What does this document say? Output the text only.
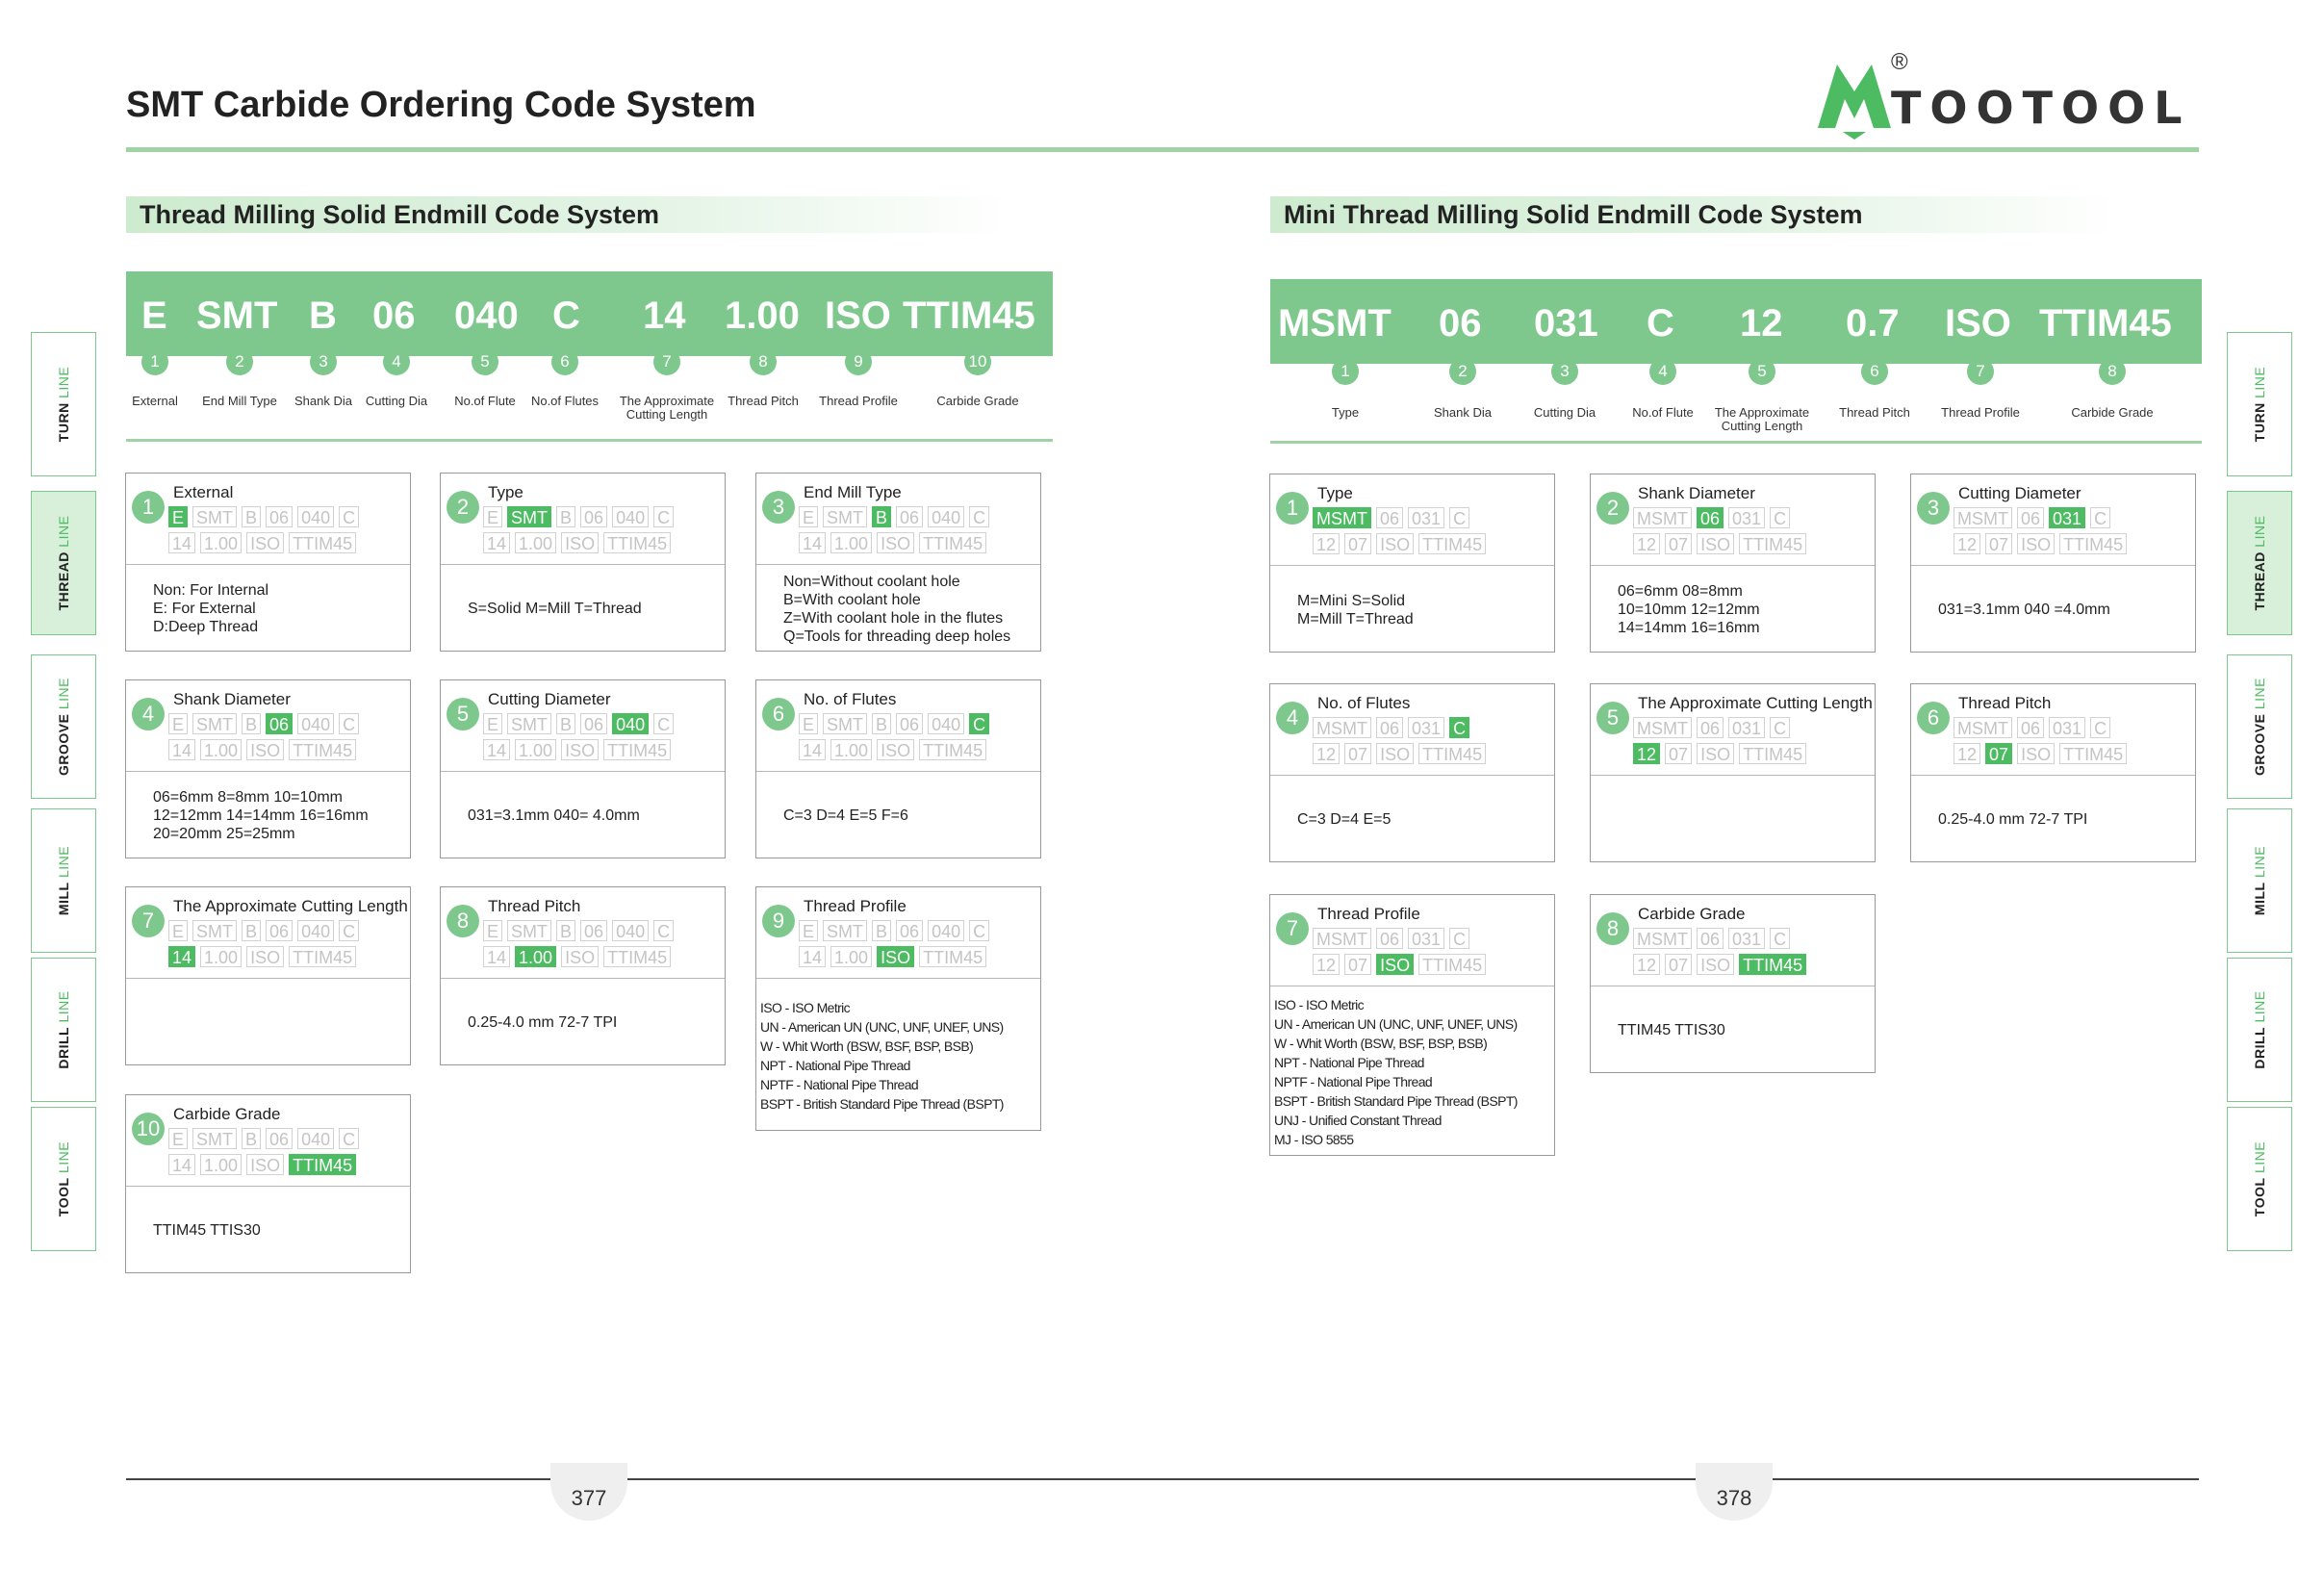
SMT Carbide Ordering Code System
®
TOOTOOL
Thread Milling Solid Endmill Code System	Mini Thread Milling Solid Endmill Code System
E SMT B 06 040 C 14 1.00 ISO TTIM45
1
External
2
End Mill Type
3
Shank Dia
4
Cutting Dia
5
No.of Flute
6
No.of Flutes
7
The Approximate
Cutting Length
8
Thread Pitch
9
Thread Profile
10
Carbide Grade
MSMT 06 031 C 12 0.7 ISO TTIM45
1
Type
2
Shank Dia
3
Cutting Dia
4
No.of Flute
5
The Approximate
Cutting Length
6
Thread Pitch
7
Thread Profile
8
Carbide Grade
1
External
E SMT B 06 040 C
14 1.00 ISO TTIM45
Non: For Internal
E: For External
D:Deep Thread
2
Type
E SMT B 06 040 C
14 1.00 ISO TTIM45
S=Solid M=Mill T=Thread
3
End Mill Type
E SMT B 06 040 C
14 1.00 ISO TTIM45
Non=Without coolant hole
B=With coolant hole
Z=With coolant hole in the flutes
Q=Tools for threading deep holes
4
Shank Diameter
E SMT B 06 040 C
14 1.00 ISO TTIM45
06=6mm 8=8mm 10=10mm
12=12mm 14=14mm 16=16mm
20=20mm 25=25mm
5
Cutting Diameter
E SMT B 06 040 C
14 1.00 ISO TTIM45
031=3.1mm 040= 4.0mm
6
No. of Flutes
E SMT B 06 040 C
14 1.00 ISO TTIM45
C=3 D=4 E=5 F=6
7
The Approximate Cutting Length
E SMT B 06 040 C
14 1.00 ISO TTIM45
8
Thread Pitch
E SMT B 06 040 C
14 1.00 ISO TTIM45
0.25-4.0 mm 72-7 TPI
9
Thread Profile
E SMT B 06 040 C
14 1.00 ISO TTIM45
ISO - ISO Metric
UN - American UN (UNC, UNF, UNEF, UNS)
W - Whit Worth (BSW, BSF, BSP, BSB)
NPT - National Pipe Thread
NPTF - National Pipe Thread
BSPT - British Standard Pipe Thread (BSPT)
10
Carbide Grade
E SMT B 06 040 C
14 1.00 ISO TTIM45
TTIM45 TTIS30
1
Type
MSMT 06 031 C
12 07 ISO TTIM45
M=Mini S=Solid
M=Mill T=Thread
2
Shank Diameter
MSMT 06 031 C
12 07 ISO TTIM45
06=6mm 08=8mm
10=10mm 12=12mm
14=14mm 16=16mm
3
Cutting Diameter
MSMT 06 031 C
12 07 ISO TTIM45
031=3.1mm 040 =4.0mm
4
No. of Flutes
MSMT 06 031 C
12 07 ISO TTIM45
C=3 D=4 E=5
5
The Approximate Cutting Length
MSMT 06 031 C
12 07 ISO TTIM45
6
Thread Pitch
MSMT 06 031 C
12 07 ISO TTIM45
0.25-4.0 mm 72-7 TPI
7
Thread Profile
MSMT 06 031 C
12 07 ISO TTIM45
ISO - ISO Metric
UN - American UN (UNC, UNF, UNEF, UNS)
W - Whit Worth (BSW, BSF, BSP, BSB)
NPT - National Pipe Thread
NPTF - National Pipe Thread
BSPT - British Standard Pipe Thread (BSPT)
UNJ - Unified Constant Thread
MJ - ISO 5855
8
Carbide Grade
MSMT 06 031 C
12 07 ISO TTIM45
TTIM45 TTIS30
TURN LINE
THREAD LINE
GROOVE LINE
MILL LINE
DRILL LINE
TOOL LINE
TURN LINE
THREAD LINE
GROOVE LINE
MILL LINE
DRILL LINE
TOOL LINE
377	378
